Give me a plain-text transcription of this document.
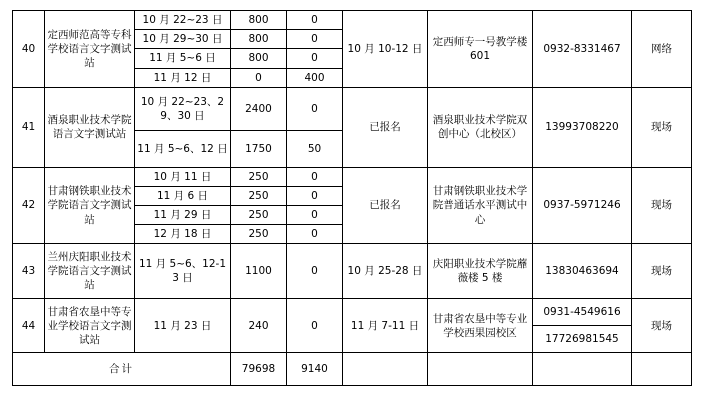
40	定西师范高等专科学校语言文字测试站	10 月 22~23 日	800	0	10 月 10-12 日	定西师专一号教学楼 601	0932-8331467	网络
		10 月 29~30 日	800	0				
		11 月 5~6 日	800	0				
		11 月 12 日	0	400				
41	酒泉职业技术学院语言文字测试站	10 月 22~23、29、30 日	2400	0	已报名	酒泉职业技术学院双创中心（北校区）	13993708220	现场
		11 月 5~6、12 日	1750	50				
42	甘肃钢铁职业技术学院语言文字测试站	10 月 11 日	250	0	已报名	甘肃钢铁职业技术学院普通话水平测试中心	0937-5971246	现场
		11 月 6 日	250	0				
		11 月 29 日	250	0				
		12 月 18 日	250	0				
43	兰州庆阳职业技术学院语言文字测试站	11 月 5~6、12-13 日	1100	0	10 月 25-28 日	庆阳职业技术学院蘼薇楼 5 楼	13830463694	现场
44	甘肃省农垦中等专业学校语言文字测试站	11 月 23 日	240	0	11 月 7-11 日	甘肃省农垦中等专业学校西果园校区	0931-4549616	现场
							17726981545	
合计			79698	9140				
